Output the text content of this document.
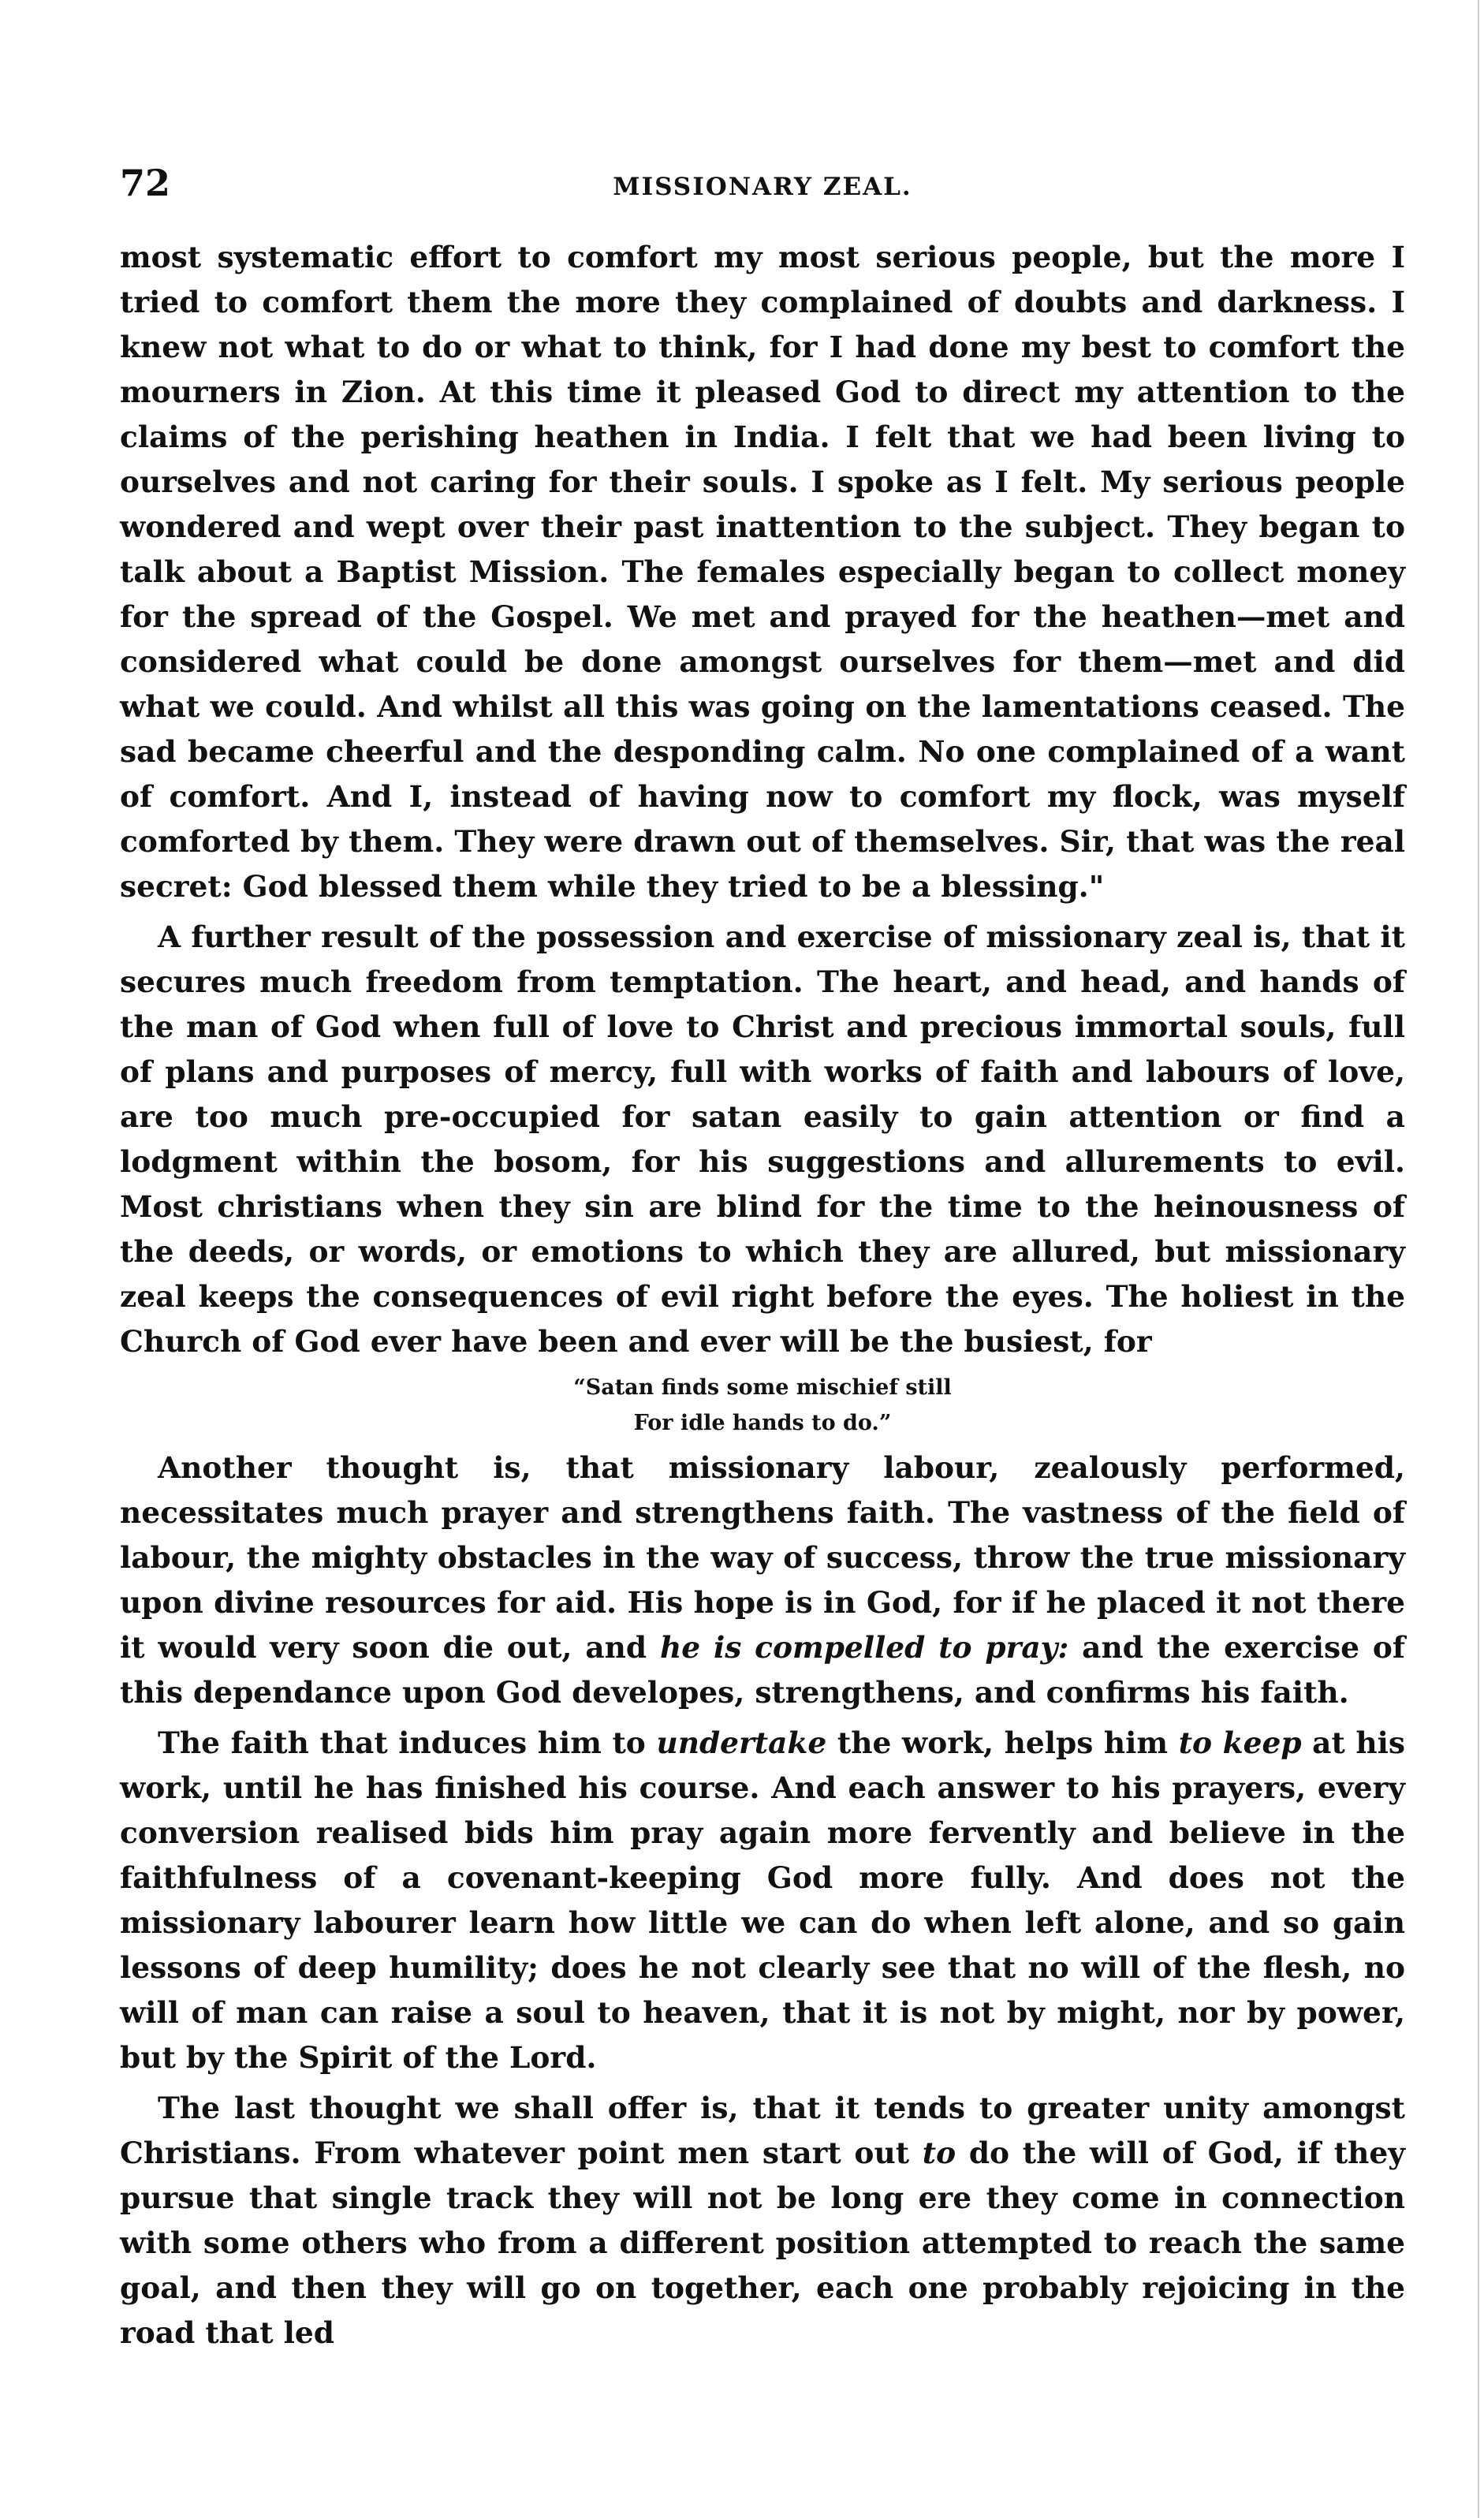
72	MISSIONARY ZEAL.

most systematic effort to comfort my most serious people, but the more I tried to comfort them the more they complained of doubts and darkness. I knew not what to do or what to think, for I had done my best to comfort the mourners in Zion. At this time it pleased God to direct my attention to the claims of the perishing heathen in India. I felt that we had been living to ourselves and not caring for their souls. I spoke as I felt. My serious people wondered and wept over their past inattention to the subject. They began to talk about a Baptist Mission. The females especially began to collect money for the spread of the Gospel. We met and prayed for the heathen—met and considered what could be done amongst ourselves for them—met and did what we could. And whilst all this was going on the lamentations ceased. The sad became cheerful and the desponding calm. No one complained of a want of comfort. And I, instead of having now to comfort my flock, was myself comforted by them. They were drawn out of themselves. Sir, that was the real secret: God blessed them while they tried to be a blessing."

A further result of the possession and exercise of missionary zeal is, that it secures much freedom from temptation. The heart, and head, and hands of the man of God when full of love to Christ and precious immortal souls, full of plans and purposes of mercy, full with works of faith and labours of love, are too much pre-occupied for satan easily to gain attention or find a lodgment within the bosom, for his suggestions and allurements to evil. Most christians when they sin are blind for the time to the heinousness of the deeds, or words, or emotions to which they are allured, but missionary zeal keeps the consequences of evil right before the eyes. The holiest in the Church of God ever have been and ever will be the busiest, for

“Satan finds some mischief still
For idle hands to do.”

Another thought is, that missionary labour, zealously performed, necessitates much prayer and strengthens faith. The vastness of the field of labour, the mighty obstacles in the way of success, throw the true missionary upon divine resources for aid. His hope is in God, for if he placed it not there it would very soon die out, and he is compelled to pray: and the exercise of this dependance upon God developes, strengthens, and confirms his faith.

The faith that induces him to undertake the work, helps him to keep at his work, until he has finished his course. And each answer to his prayers, every conversion realised bids him pray again more fervently and believe in the faithfulness of a covenant-keeping God more fully. And does not the missionary labourer learn how little we can do when left alone, and so gain lessons of deep humility; does he not clearly see that no will of the flesh, no will of man can raise a soul to heaven, that it is not by might, nor by power, but by the Spirit of the Lord.

The last thought we shall offer is, that it tends to greater unity amongst Christians. From whatever point men start out to do the will of God, if they pursue that single track they will not be long ere they come in connection with some others who from a different position attempted to reach the same goal, and then they will go on together, each one probably rejoicing in the road that led
